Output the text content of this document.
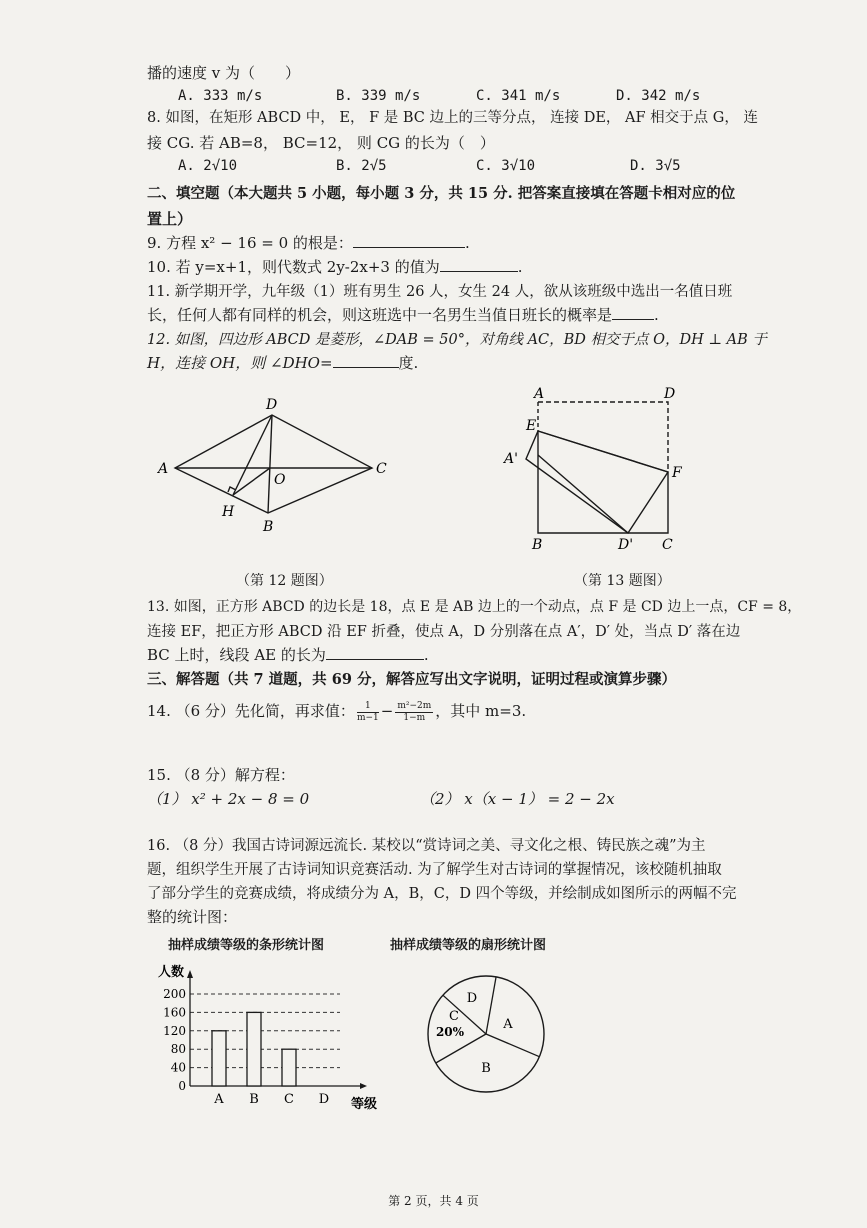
播的速度 v 为（　　）
A. 333 m/s	B. 339 m/s	C. 341 m/s	D. 342 m/s
8. 如图，在矩形 ABCD 中， E， F 是 BC 边上的三等分点， 连接 DE， AF 相交于点 G， 连
接 CG. 若 AB=8， BC=12， 则 CG 的长为（　）
A. 2√10	B. 2√5	C. 3√10	D. 3√5
二、填空题（本大题共 5 小题，每小题 3 分，共 15 分. 把答案直接填在答题卡相对应的位
置上）
9. 方程 x² − 16 = 0 的根是：	.
10. 若 y=x+1，则代数式 2y-2x+3 的值为	.
11. 新学期开学，九年级（1）班有男生 26 人，女生 24 人，欲从该班级中选出一名值日班
长，任何人都有同样的机会，则这班选中一名男生当值日班长的概率是	.
12. 如图，四边形 ABCD 是菱形，∠DAB = 50°，对角线 AC，BD 相交于点 O，DH ⊥ AB 于
H，连接 OH，则 ∠DHO=	度.
A
D
C
O
H
B
A	D
E
A'
F
B	D' C
（第 12 题图）	（第 13 题图）
13. 如图，正方形 ABCD 的边长是 18，点 E 是 AB 边上的一个动点，点 F 是 CD 边上一点，CF = 8，
连接 EF，把正方形 ABCD 沿 EF 折叠，使点 A，D 分别落在点 A′，D′ 处，当点 D′ 落在边
BC 上时，线段 AE 的长为	.
三、解答题（共 7 道题，共 69 分，解答应写出文字说明，证明过程或演算步骤）
14. （6 分）先化简，再求值： $\frac{1}{m-1} - \frac{\text{m²−2m}}{1-m}$ ，其中 m=3.
15. （8 分）解方程：
（1） x² + 2x − 8 = 0	（2） x（x − 1） = 2 − 2x
16. （8 分）我国古诗词源远流长. 某校以“赏诗词之美、寻文化之根、铸民族之魂”为主
题，组织学生开展了古诗词知识竞赛活动. 为了解学生对古诗词的掌握情况，该校随机抽取
了部分学生的竞赛成绩，将成绩分为 A，B，C，D 四个等级，并绘制成如图所示的两幅不完
整的统计图：
抽样成绩等级的条形统计图	抽样成绩等级的扇形统计图
0
40
80
120
160
200
人数
等级
A B C D
A
B
C
D
20%
第 2 页，共 4 页
